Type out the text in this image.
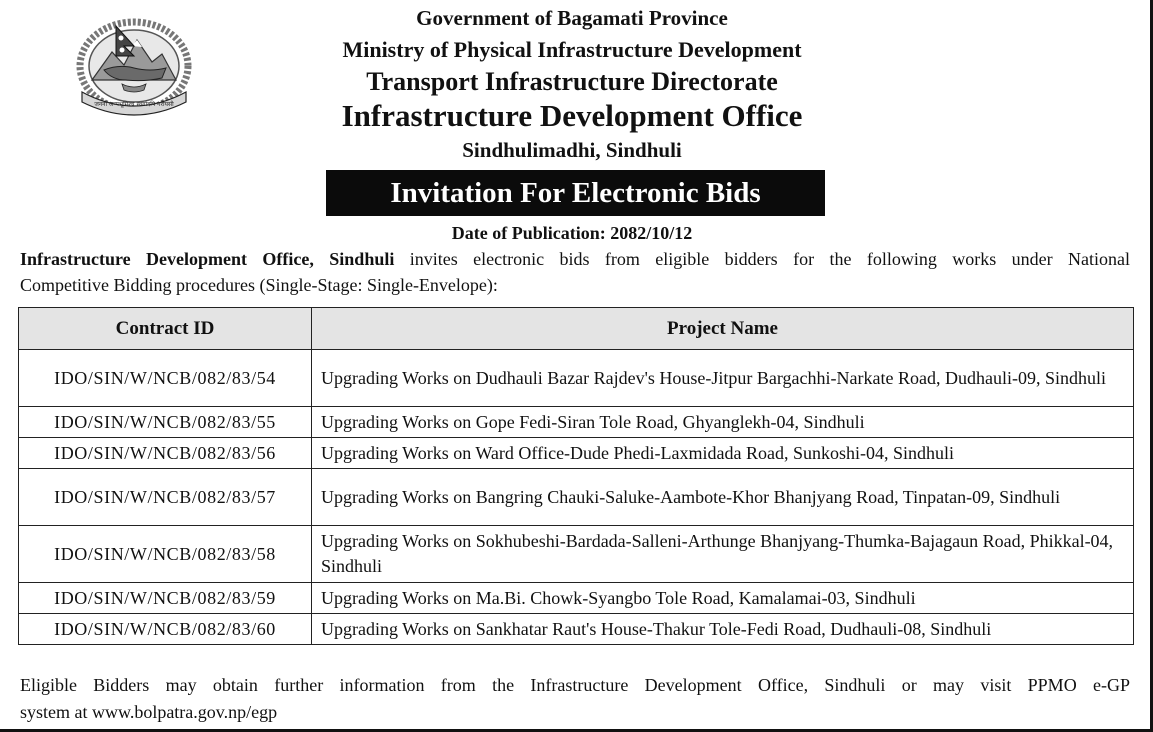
जननी जन्मभूमिश्च स्वर्गादपि गरीयसी
Government of Bagamati Province
Ministry of Physical Infrastructure Development
Transport Infrastructure Directorate
Infrastructure Development Office
Sindhulimadhi, Sindhuli
Invitation For Electronic Bids
Date of Publication: 2082/10/12
Infrastructure Development Office, Sindhuli invites electronic bids from eligible bidders for the following works under National
Competitive Bidding procedures (Single-Stage: Single-Envelope):
Contract ID	Project Name
IDO/SIN/W/NCB/082/83/54	Upgrading Works on Dudhauli Bazar Rajdev's House-Jitpur Bargachhi-Narkate Road, Dudhauli-09, Sindhuli
IDO/SIN/W/NCB/082/83/55	Upgrading Works on Gope Fedi-Siran Tole Road, Ghyanglekh-04, Sindhuli
IDO/SIN/W/NCB/082/83/56	Upgrading Works on Ward Office-Dude Phedi-Laxmidada Road, Sunkoshi-04, Sindhuli
IDO/SIN/W/NCB/082/83/57	Upgrading Works on Bangring Chauki-Saluke-Aambote-Khor Bhanjyang Road, Tinpatan-09, Sindhuli
IDO/SIN/W/NCB/082/83/58	Upgrading Works on Sokhubeshi-Bardada-Salleni-Arthunge Bhanjyang-Thumka-Bajagaun Road, Phikkal-04, Sindhuli
IDO/SIN/W/NCB/082/83/59	Upgrading Works on Ma.Bi. Chowk-Syangbo Tole Road, Kamalamai-03, Sindhuli
IDO/SIN/W/NCB/082/83/60	Upgrading Works on Sankhatar Raut's House-Thakur Tole-Fedi Road, Dudhauli-08, Sindhuli
Eligible Bidders may obtain further information from the Infrastructure Development Office, Sindhuli or may visit PPMO e-GP
system at www.bolpatra.gov.np/egp
